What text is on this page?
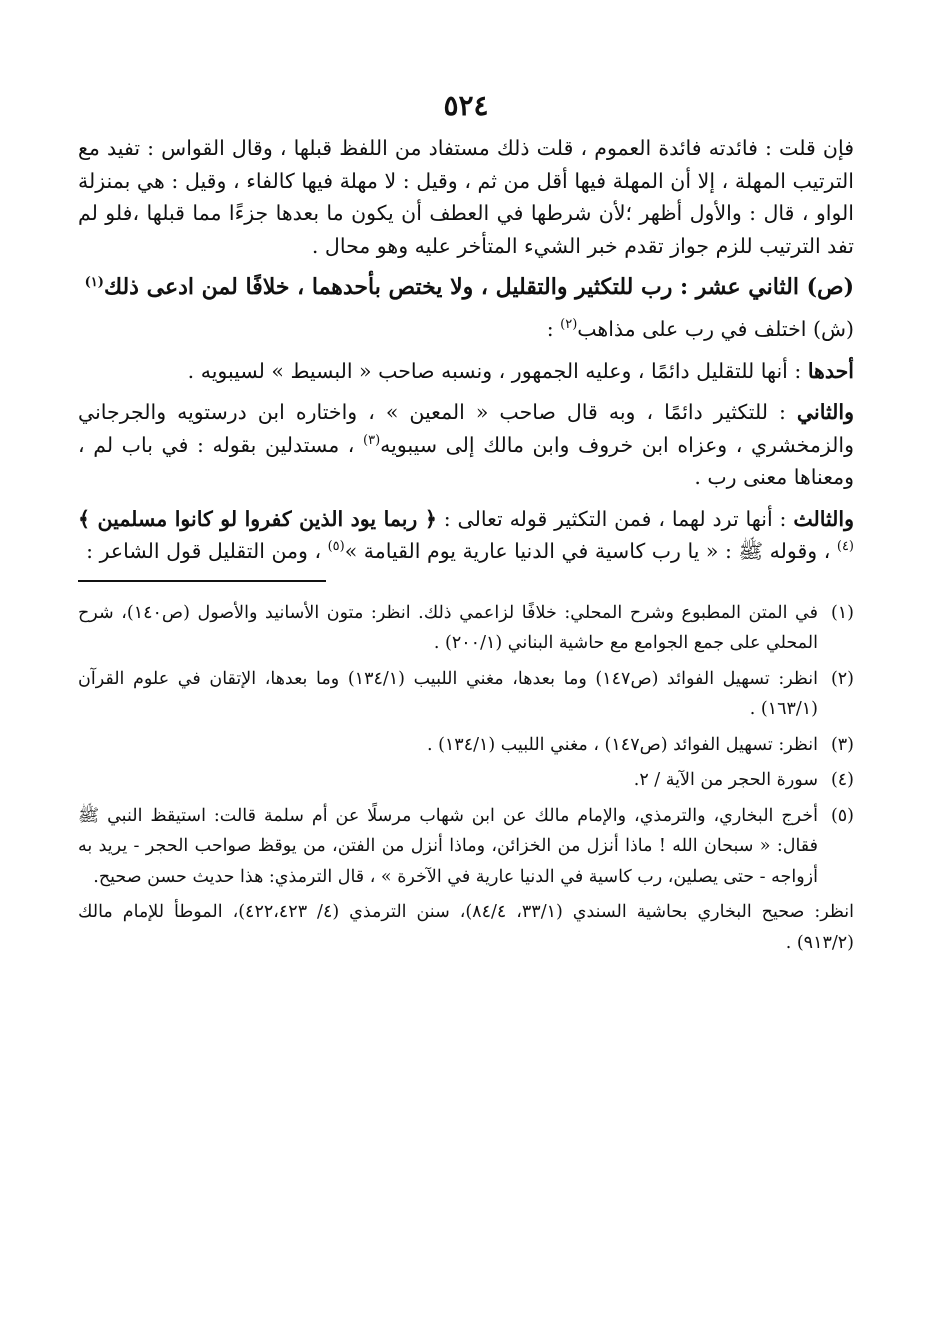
٥٢٤

فإن قلت : فائدته فائدة العموم ، قلت ذلك مستفاد من اللفظ قبلها ، وقال القواس : تفيد مع الترتيب المهلة ، إلا أن المهلة فيها أقل من ثم ، وقيل : لا مهلة فيها كالفاء ، وقيل : هي بمنزلة الواو ، قال : والأول أظهر ؛لأن شرطها في العطف أن يكون ما بعدها جزءًا مما قبلها ،فلو لم تفد الترتيب للزم جواز تقدم خبر الشيء المتأخر عليه وهو محال .

(ص) الثاني عشر : رب للتكثير والتقليل ، ولا يختص بأحدهما ، خلافًا لمن ادعى ذلك$^{(١)}$

(ش) اختلف في رب على مذاهب$^{(٢)}$ :

أحدها : أنها للتقليل دائمًا ، وعليه الجمهور ، ونسبه صاحب « البسيط » لسيبويه .

والثاني : للتكثير دائمًا ، وبه قال صاحب « المعين » ، واختاره ابن درستويه والجرجاني والزمخشري ، وعزاه ابن خروف وابن مالك إلى سيبويه$^{(٣)}$ ، مستدلين بقوله : في باب لم ، ومعناها معنى رب .

والثالث : أنها ترد لهما ، فمن التكثير قوله تعالى : ﴿ ربما يود الذين كفروا لو كانوا مسلمين ﴾$^{(٤)}$ ، وقوله ﷺ : « يا رب كاسية في الدنيا عارية يوم القيامة »$^{(٥)}$ ، ومن التقليل قول الشاعر :

(١)
في المتن المطبوع وشرح المحلي: خلافًا لزاعمي ذلك. انظر: متون الأسانيد والأصول (ص١٤٠)، شرح المحلي على جمع الجوامع مع حاشية البناني (٢٠٠/١) .
(٢)
انظر: تسهيل الفوائد (ص١٤٧) وما بعدها، مغني اللبيب (١٣٤/١) وما بعدها، الإتقان في علوم القرآن (١٦٣/١) .
(٣)
انظر: تسهيل الفوائد (ص١٤٧) ، مغني اللبيب (١٣٤/١) .
(٤)
سورة الحجر من الآية / ٢.
(٥)
أخرج البخاري، والترمذي، والإمام مالك عن ابن شهاب مرسلًا عن أم سلمة قالت: استيقظ النبي ﷺ فقال: « سبحان الله ! ماذا أنزل من الخزائن، وماذا أنزل من الفتن، من يوقظ صواحب الحجر - يريد به أزواجه - حتى يصلين، رب كاسية في الدنيا عارية في الآخرة » ، قال الترمذي: هذا حديث حسن صحيح.
انظر: صحيح البخاري بحاشية السندي (٣٣/١، ٨٤/٤)، سنن الترمذي (٤/ ٤٢٢،٤٢٣)، الموطأ للإمام مالك (٩١٣/٢) .
